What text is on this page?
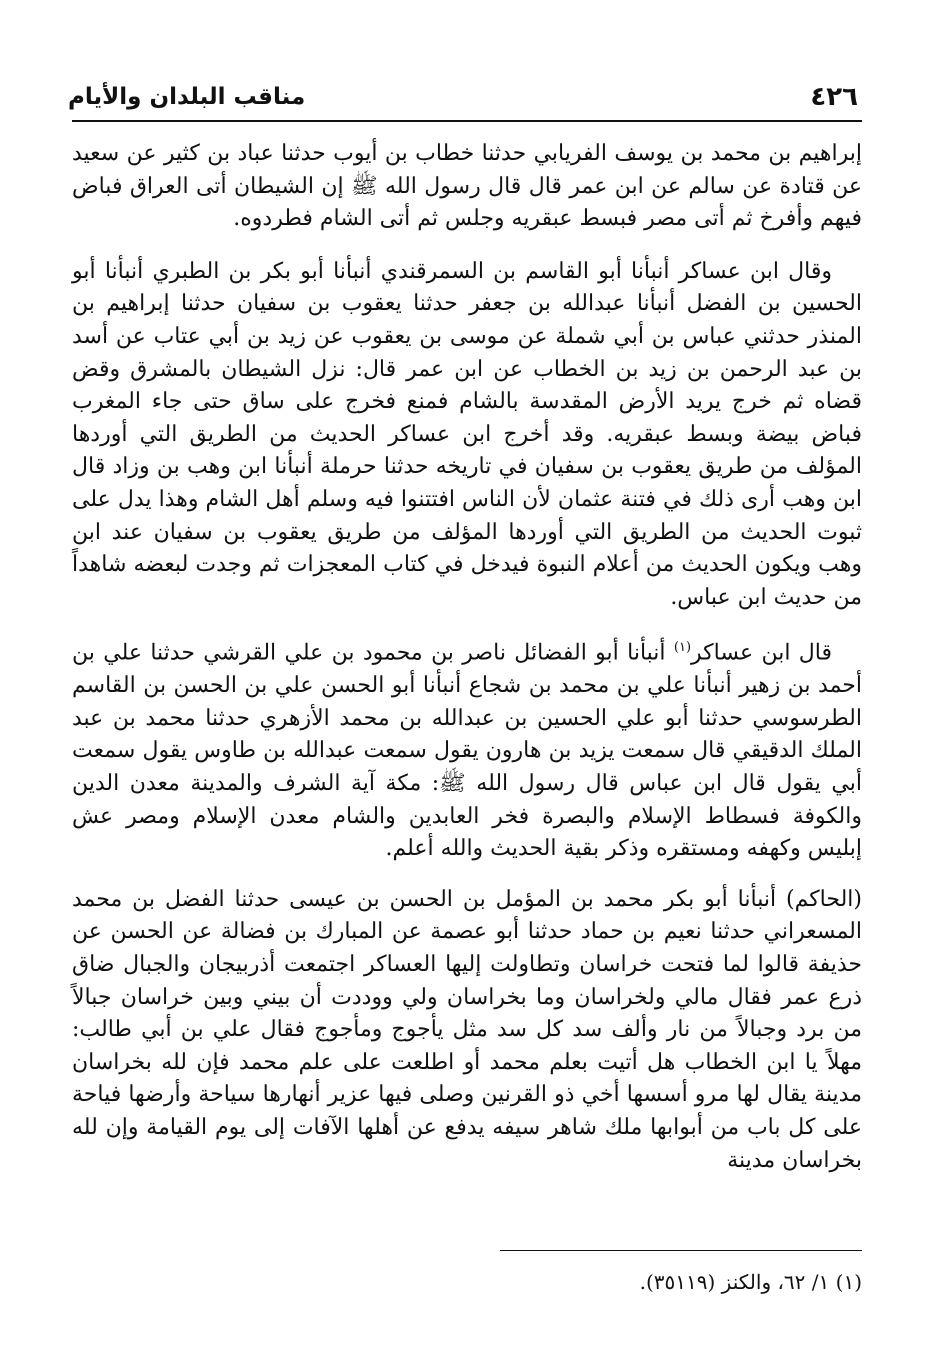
٤٢٦
مناقب البلدان والأيام

إبراهيم بن محمد بن يوسف الفريابي حدثنا خطاب بن أيوب حدثنا عباد بن كثير عن سعيد عن قتادة عن سالم عن ابن عمر قال قال رسول الله ﷺ إن الشيطان أتى العراق فباض فيهم وأفرخ ثم أتى مصر فبسط عبقريه وجلس ثم أتى الشام فطردوه.

وقال ابن عساكر أنبأنا أبو القاسم بن السمرقندي أنبأنا أبو بكر بن الطبري أنبأنا أبو الحسين بن الفضل أنبأنا عبدالله بن جعفر حدثنا يعقوب بن سفيان حدثنا إبراهيم بن المنذر حدثني عباس بن أبي شملة عن موسى بن يعقوب عن زيد بن أبي عتاب عن أسد بن عبد الرحمن بن زيد بن الخطاب عن ابن عمر قال: نزل الشيطان بالمشرق وقض قضاه ثم خرج يريد الأرض المقدسة بالشام فمنع فخرج على ساق حتى جاء المغرب فباض بيضة وبسط عبقريه. وقد أخرج ابن عساكر الحديث من الطريق التي أوردها المؤلف من طريق يعقوب بن سفيان في تاريخه حدثنا حرملة أنبأنا ابن وهب بن وزاد قال ابن وهب أرى ذلك في فتنة عثمان لأن الناس افتتنوا فيه وسلم أهل الشام وهذا يدل على ثبوت الحديث من الطريق التي أوردها المؤلف من طريق يعقوب بن سفيان عند ابن وهب ويكون الحديث من أعلام النبوة فيدخل في كتاب المعجزات ثم وجدت لبعضه شاهداً من حديث ابن عباس.

قال ابن عساكر$^{(١)}$ أنبأنا أبو الفضائل ناصر بن محمود بن علي القرشي حدثنا علي بن أحمد بن زهير أنبأنا علي بن محمد بن شجاع أنبأنا أبو الحسن علي بن الحسن بن القاسم الطرسوسي حدثنا أبو علي الحسين بن عبدالله بن محمد الأزهري حدثنا محمد بن عبد الملك الدقيقي قال سمعت يزيد بن هارون يقول سمعت عبدالله بن طاوس يقول سمعت أبي يقول قال ابن عباس قال رسول الله ﷺ: مكة آية الشرف والمدينة معدن الدين والكوفة فسطاط الإسلام والبصرة فخر العابدين والشام معدن الإسلام ومصر عش إبليس وكهفه ومستقره وذكر بقية الحديث والله أعلم.

(الحاكم) أنبأنا أبو بكر محمد بن المؤمل بن الحسن بن عيسى حدثنا الفضل بن محمد المسعراني حدثنا نعيم بن حماد حدثنا أبو عصمة عن المبارك بن فضالة عن الحسن عن حذيفة قالوا لما فتحت خراسان وتطاولت إليها العساكر اجتمعت أذربيجان والجبال ضاق ذرع عمر فقال مالي ولخراسان وما بخراسان ولي ووددت أن بيني وبين خراسان جبالاً من برد وجبالاً من نار وألف سد كل سد مثل يأجوج ومأجوج فقال علي بن أبي طالب: مهلاً يا ابن الخطاب هل أتيت بعلم محمد أو اطلعت على علم محمد فإن لله بخراسان مدينة يقال لها مرو أسسها أخي ذو القرنين وصلى فيها عزير أنهارها سياحة وأرضها فياحة على كل باب من أبوابها ملك شاهر سيفه يدفع عن أهلها الآفات إلى يوم القيامة وإن لله بخراسان مدينة

(١) ١/ ٦٢، والكنز (٣٥١١٩).
